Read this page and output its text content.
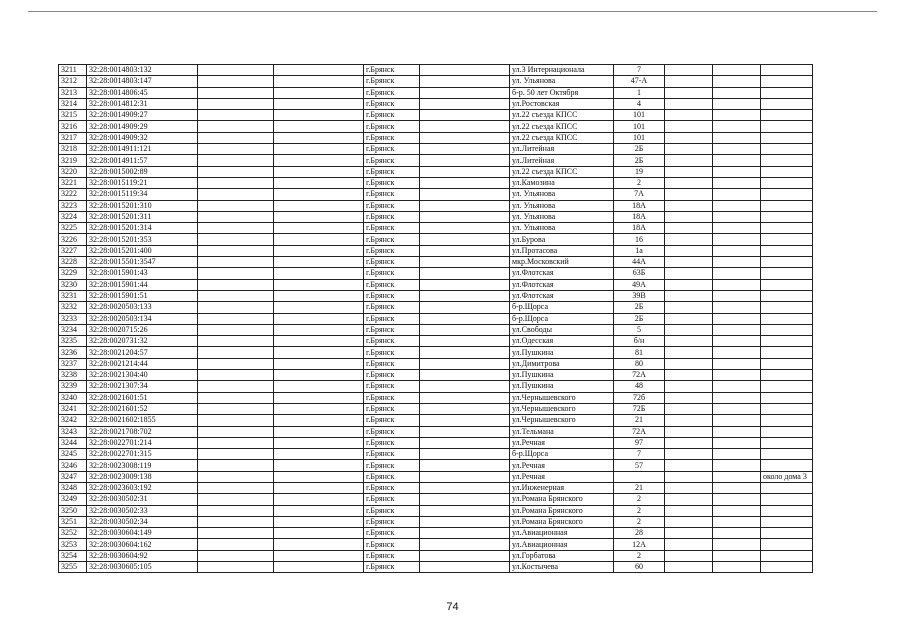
3211	32:28:0014803:132			г.Брянск		ул.3 Интернационала	7			
3212	32:28:0014803:147			г.Брянск		ул. Ульянова	47-А			
3213	32:28:0014806:45			г.Брянск		б-р. 50 лет Октября	1			
3214	32:28:0014812:31			г.Брянск		ул.Ростовская	4			
3215	32:28:0014909:27			г.Брянск		ул.22 съезда КПСС	101			
3216	32:28:0014909:29			г.Брянск		ул.22 съезда КПСС	101			
3217	32:28:0014909:32			г.Брянск		ул.22 съезда КПСС	101			
3218	32:28:0014911:121			г.Брянск		ул.Литейная	2Б			
3219	32:28:0014911:57			г.Брянск		ул.Литейная	2Б			
3220	32:28:0015002:89			г.Брянск		ул.22 съезда КПСС	19			
3221	32:28:0015119:21			г.Брянск		ул.Камозина	2			
3222	32:28:0015119:34			г.Брянск		ул. Ульянова	7А			
3223	32:28:0015201:310			г.Брянск		ул. Ульянова	18А			
3224	32:28:0015201:311			г.Брянск		ул. Ульянова	18А			
3225	32:28:0015201:314			г.Брянск		ул. Ульянова	18А			
3226	32:28:0015201:353			г.Брянск		ул.Бурова	16			
3227	32:28:0015201:400			г.Брянск		ул.Протасова	1а			
3228	32:28:0015501:3547			г.Брянск		мкр.Московский	44А			
3229	32:28:0015901:43			г.Брянск		ул.Флотская	63Б			
3230	32:28:0015901:44			г.Брянск		ул.Флотская	49А			
3231	32:28:0015901:51			г.Брянск		ул.Флотская	39В			
3232	32:28:0020503:133			г.Брянск		б-р.Щорса	2Б			
3233	32:28:0020503:134			г.Брянск		б-р.Щорса	2Б			
3234	32:28:0020715:26			г.Брянск		ул.Свободы	5			
3235	32:28:0020731:32			г.Брянск		ул.Одесская	б/н			
3236	32:28:0021204:57			г.Брянск		ул.Пушкина	81			
3237	32:28:0021214:44			г.Брянск		ул.Димитрова	80			
3238	32:28:0021304:40			г.Брянск		ул.Пушкина	72А			
3239	32:28:0021307:34			г.Брянск		ул.Пушкина	48			
3240	32:28:0021601:51			г.Брянск		ул.Чернышевского	72б			
3241	32:28:0021601:52			г.Брянск		ул.Чернышевского	72Б			
3242	32:28:0021602:1855			г.Брянск		ул.Чернышевского	21			
3243	32:28:0021708:702			г.Брянск		ул.Тельмана	72А			
3244	32:28:0022701:214			г.Брянск		ул.Речная	97			
3245	32:28:0022701:315			г.Брянск		б-р.Щорса	7			
3246	32:28:0023008:119			г.Брянск		ул.Речная	57			
3247	32:28:0023009:138			г.Брянск		ул.Речная				около дома 3
3248	32:28:0023603:192			г.Брянск		ул.Инженерная	21			
3249	32:28:0030502:31			г.Брянск		ул.Романа Брянского	2			
3250	32:28:0030502:33			г.Брянск		ул.Романа Брянского	2			
3251	32:28:0030502:34			г.Брянск		ул.Романа Брянского	2			
3252	32:28:0030604:149			г.Брянск		ул.Авиационная	28			
3253	32:28:0030604:162			г.Брянск		ул.Авиационная	12А			
3254	32:28:0030604:92			г.Брянск		ул.Горбатова	2			
3255	32:28:0030605:105			г.Брянск		ул.Костычева	60			
74
